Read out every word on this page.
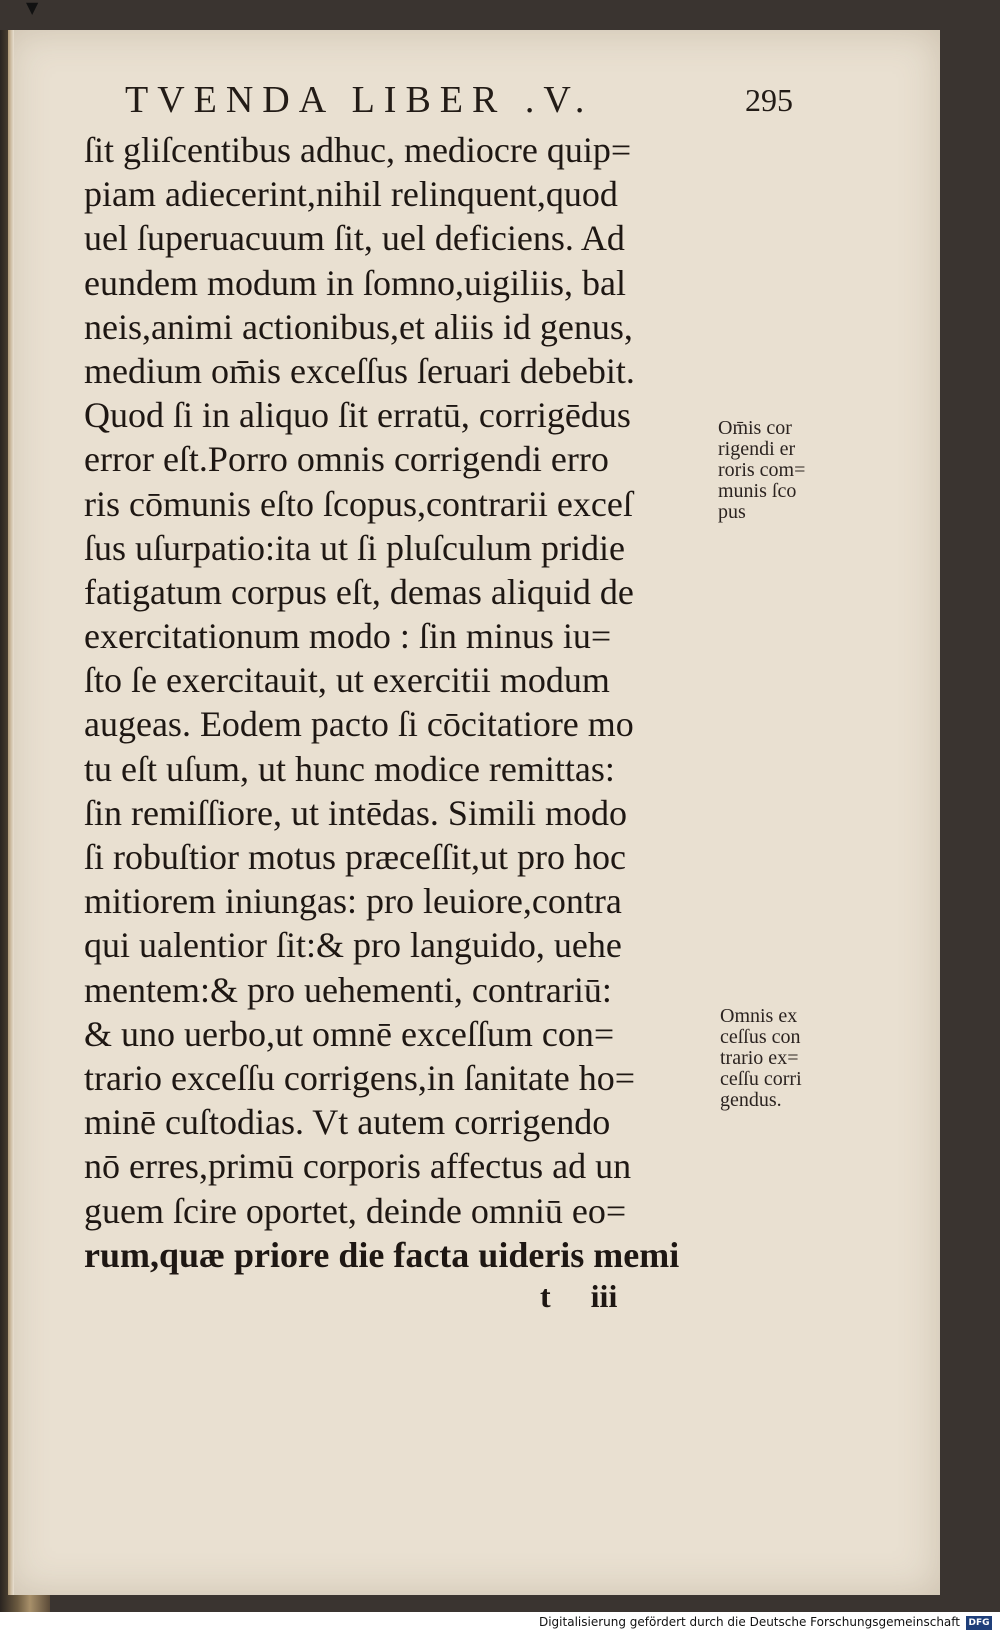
▼
TVENDA LIBER .V.	295
ſit gliſcentibus adhuc, mediocre quip=
piam adiecerint,nihil relinquent,quod
uel ſuperuacuum ſit, uel deficiens. Ad
eundem modum in ſomno,uigiliis, bal
neis,animi actionibus,et aliis id genus,
medium om̄is exceſſus ſeruari debebit.
Quod ſi in aliquo ſit erratū, corrigēdus
error eſt.Porro omnis corrigendi erro
ris cōmunis eſto ſcopus,contrarii exceſ
ſus uſurpatio:ita ut ſi pluſculum pridie
fatigatum corpus eſt, demas aliquid de
exercitationum modo : ſin minus iu=
ſto ſe exercitauit, ut exercitii modum
augeas. Eodem pacto ſi cōcitatiore mo
tu eſt uſum, ut hunc modice remittas:
ſin remiſſiore, ut intēdas. Simili modo
ſi robuſtior motus præceſſit,ut pro hoc
mitiorem iniungas: pro leuiore,contra
qui ualentior ſit:& pro languido, uehe
mentem:& pro uehementi, contrariū:
& uno uerbo,ut omnē exceſſum con=
trario exceſſu corrigens,in ſanitate ho=
minē cuſtodias. Vt autem corrigendo
nō erres,primū corporis affectus ad un
guem ſcire oportet, deinde omniū eo=
rum,quæ priore die facta uideris memi
t iii
Om̄is cor
rigendi er
roris com=
munis ſco
pus
Omnis ex
ceſſus con
trario ex=
ceſſu corri
gendus.
Digitalisierung gefördert durch die Deutsche Forschungsgemeinschaft DFG
